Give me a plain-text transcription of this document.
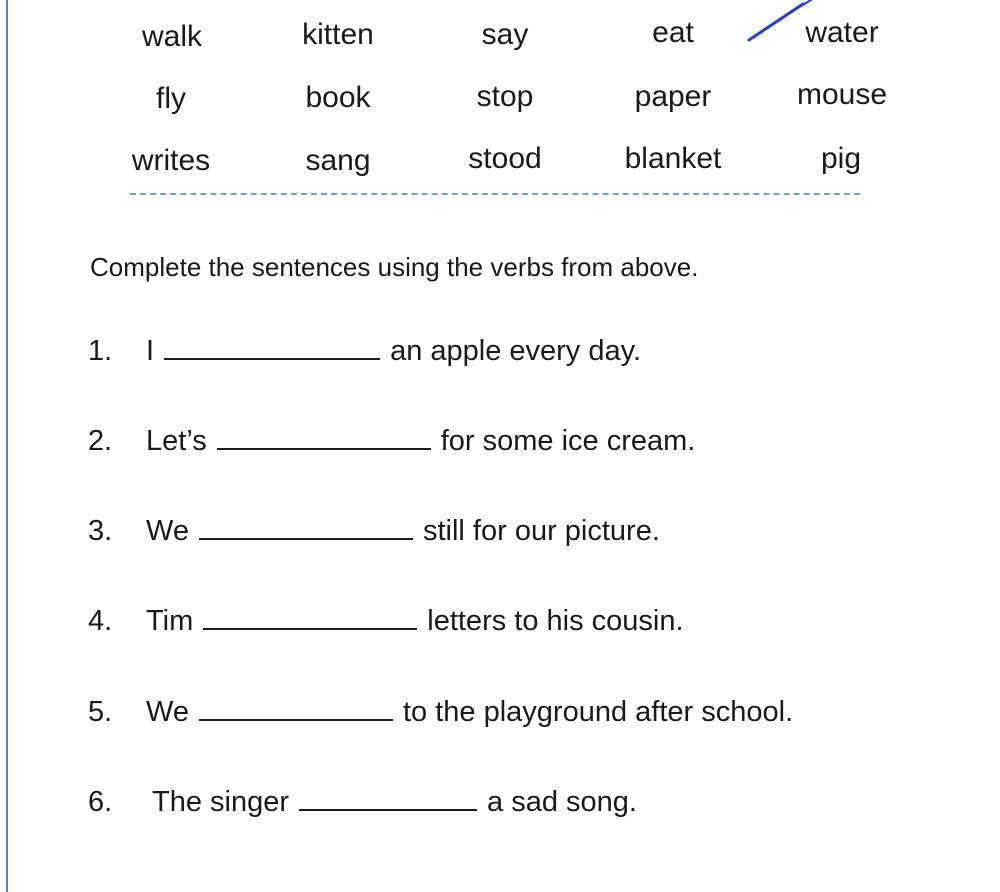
walk	kitten	say	eat	water
fly	book	stop	paper	mouse
writes	sang	stood	blanket	pig
Complete the sentences using the verbs from above.
1. I	an apple every day.
2. Let’s	for some ice cream.
3. We	still for our picture.
4. Tim	letters to his cousin.
5. We	to the playground after school.
6. The singer	a sad song.
